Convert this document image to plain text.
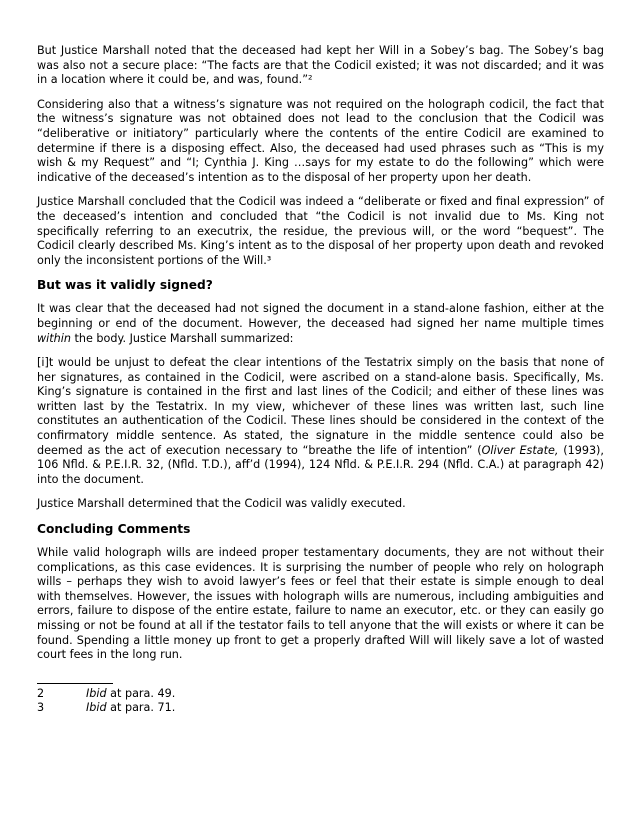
But Justice Marshall noted that the deceased had kept her Will in a Sobey’s bag. The Sobey’s bag was also not a secure place: “The facts are that the Codicil existed; it was not discarded; and it was in a location where it could be, and was, found.”²

Considering also that a witness’s signature was not required on the holograph codicil, the fact that the witness’s signature was not obtained does not lead to the conclusion that the Codicil was “deliberative or initiatory” particularly where the contents of the entire Codicil are examined to determine if there is a disposing effect. Also, the deceased had used phrases such as “This is my wish & my Request” and “I; Cynthia J. King …says for my estate to do the following” which were indicative of the deceased’s intention as to the disposal of her property upon her death.

Justice Marshall concluded that the Codicil was indeed a “deliberate or fixed and final expression” of the deceased’s intention and concluded that “the Codicil is not invalid due to Ms. King not specifically referring to an executrix, the residue, the previous will, or the word “bequest”. The Codicil clearly described Ms. King’s intent as to the disposal of her property upon death and revoked only the inconsistent portions of the Will.³

But was it validly signed?

It was clear that the deceased had not signed the document in a stand-alone fashion, either at the beginning or end of the document. However, the deceased had signed her name multiple times within the body. Justice Marshall summarized:

[i]t would be unjust to defeat the clear intentions of the Testatrix simply on the basis that none of her signatures, as contained in the Codicil, were ascribed on a stand-alone basis. Specifically, Ms. King’s signature is contained in the first and last lines of the Codicil; and either of these lines was written last by the Testatrix. In my view, whichever of these lines was written last, such line constitutes an authentication of the Codicil. These lines should be considered in the context of the confirmatory middle sentence. As stated, the signature in the middle sentence could also be deemed as the act of execution necessary to “breathe the life of intention” (Oliver Estate, (1993), 106 Nfld. & P.E.I.R. 32, (Nfld. T.D.), aff’d (1994), 124 Nfld. & P.E.I.R. 294 (Nfld. C.A.) at paragraph 42) into the document.

Justice Marshall determined that the Codicil was validly executed.

Concluding Comments

While valid holograph wills are indeed proper testamentary documents, they are not without their complications, as this case evidences. It is surprising the number of people who rely on holograph wills – perhaps they wish to avoid lawyer’s fees or feel that their estate is simple enough to deal with themselves. However, the issues with holograph wills are numerous, including ambiguities and errors, failure to dispose of the entire estate, failure to name an executor, etc. or they can easily go missing or not be found at all if the testator fails to tell anyone that the will exists or where it can be found. Spending a little money up front to get a properly drafted Will will likely save a lot of wasted court fees in the long run.

2	Ibid at para. 49.
3	Ibid at para. 71.
